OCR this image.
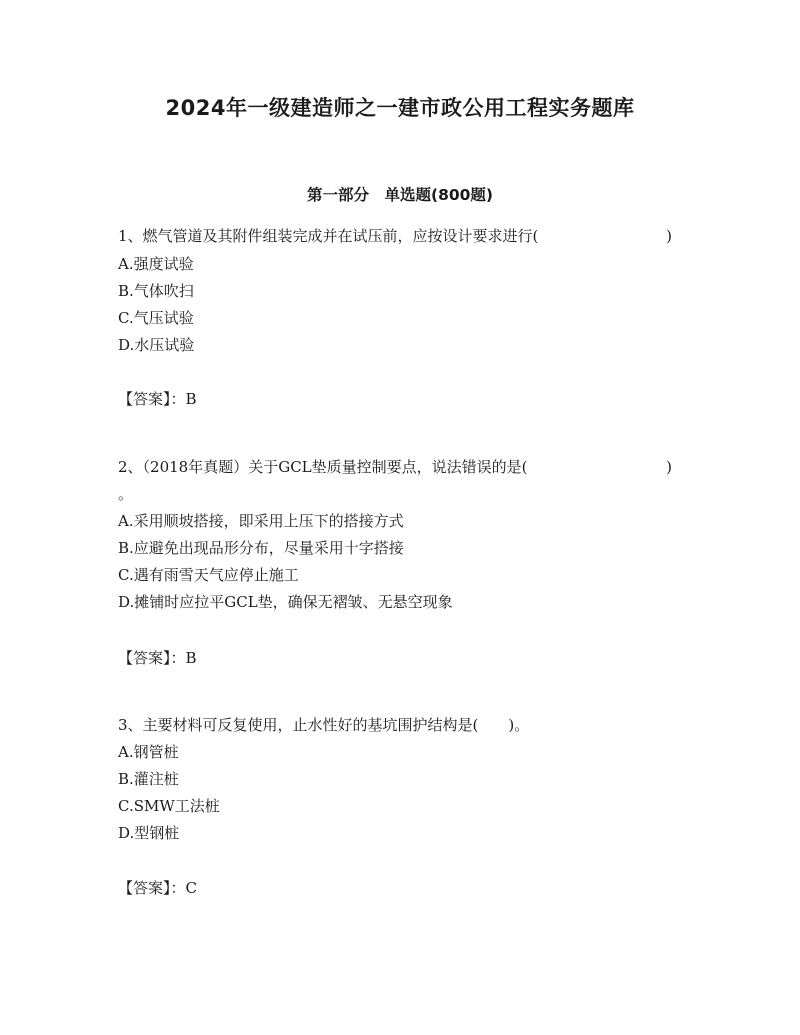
2024年一级建造师之一建市政公用工程实务题库
第一部分　单选题(800题)
1、燃气管道及其附件组装完成并在试压前，应按设计要求进行(	)
A.强度试验
B.气体吹扫
C.气压试验
D.水压试验
【答案】：B
2、（2018年真题）关于GCL垫质量控制要点，说法错误的是(	)
。
A.采用顺坡搭接，即采用上压下的搭接方式
B.应避免出现品形分布，尽量采用十字搭接
C.遇有雨雪天气应停止施工
D.摊铺时应拉平GCL垫，确保无褶皱、无悬空现象
【答案】：B
3、主要材料可反复使用，止水性好的基坑围护结构是(　　)。
A.钢管桩
B.灌注桩
C.SMW工法桩
D.型钢桩
【答案】：C
